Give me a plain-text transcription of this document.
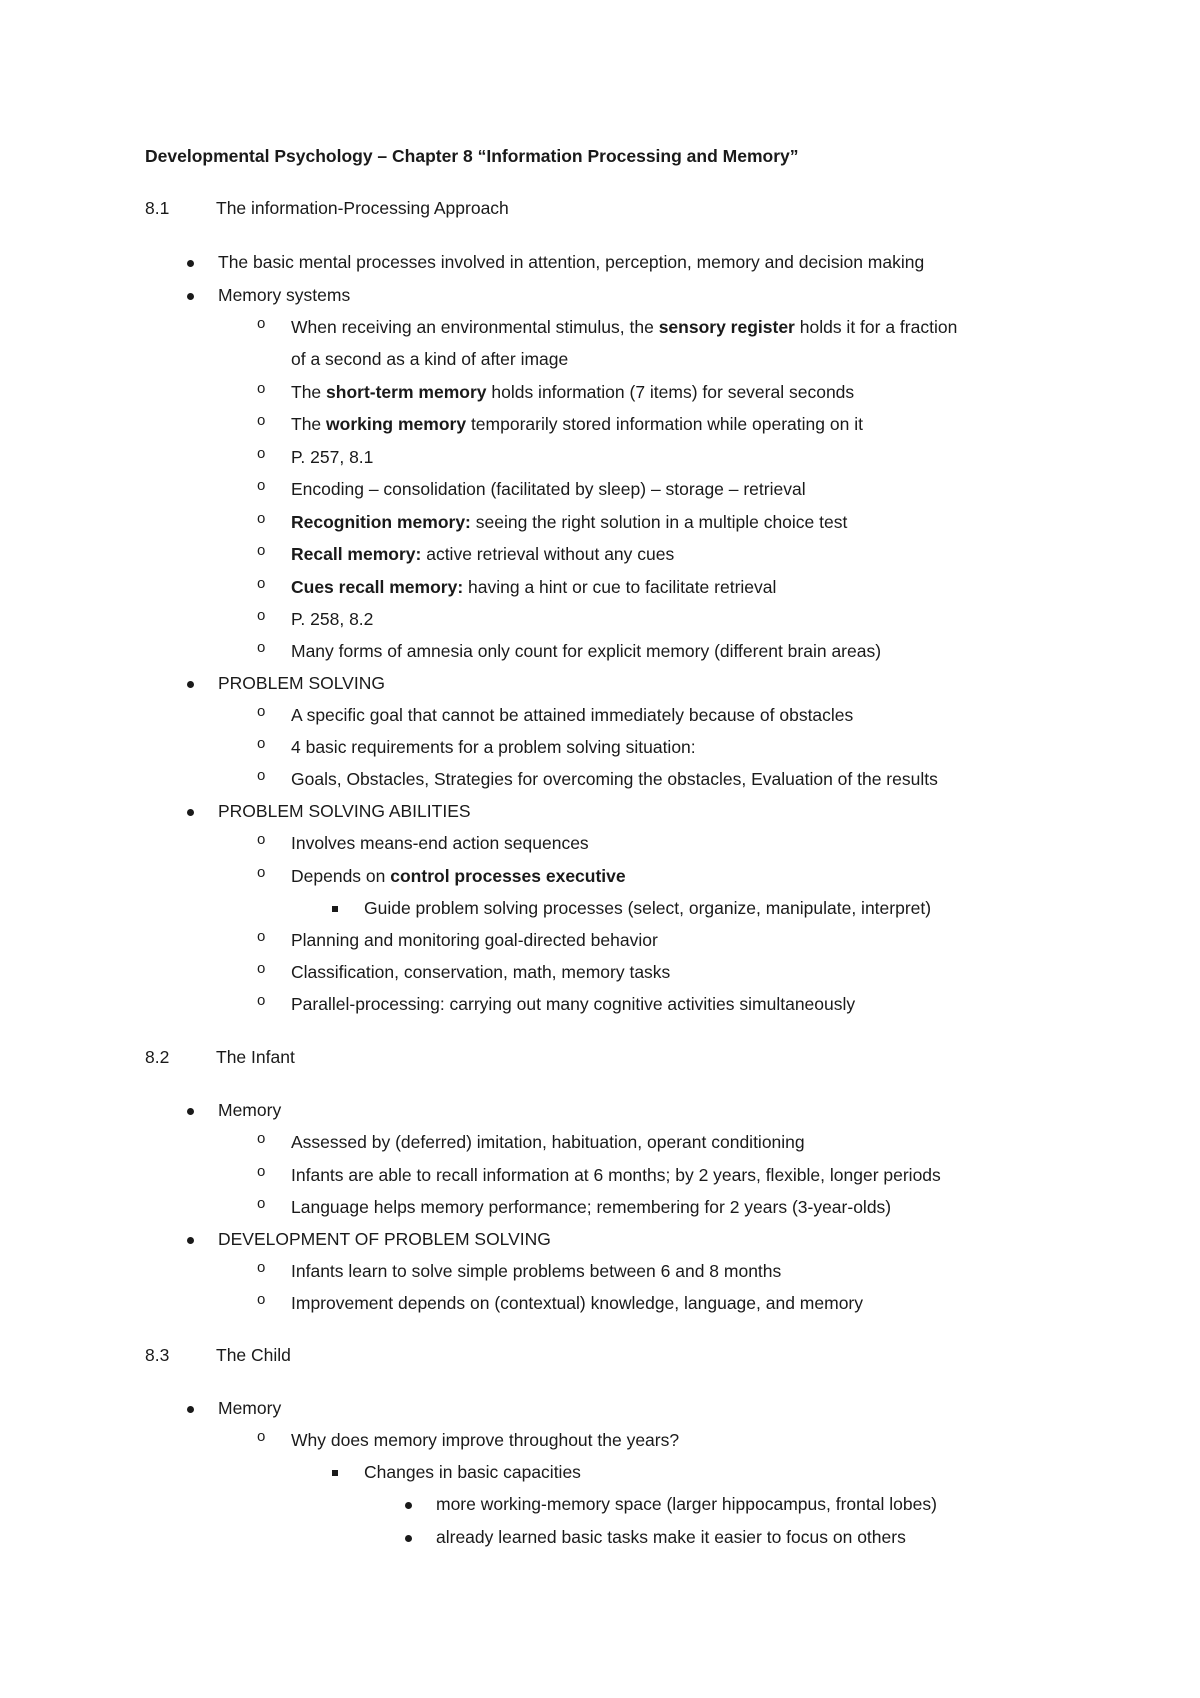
Developmental Psychology – Chapter 8 “Information Processing and Memory”
8.1	The information-Processing Approach
The basic mental processes involved in attention, perception, memory and decision making
Memory systems
o When receiving an environmental stimulus, the sensory register holds it for a fraction
of a second as a kind of after image
o The short-term memory holds information (7 items) for several seconds
o The working memory temporarily stored information while operating on it
o P. 257, 8.1
o Encoding – consolidation (facilitated by sleep) – storage – retrieval
o Recognition memory: seeing the right solution in a multiple choice test
o Recall memory: active retrieval without any cues
o Cues recall memory: having a hint or cue to facilitate retrieval
o P. 258, 8.2
o Many forms of amnesia only count for explicit memory (different brain areas)
PROBLEM SOLVING
o A specific goal that cannot be attained immediately because of obstacles
o 4 basic requirements for a problem solving situation:
o Goals, Obstacles, Strategies for overcoming the obstacles, Evaluation of the results
PROBLEM SOLVING ABILITIES
o Involves means-end action sequences
o Depends on control processes executive
Guide problem solving processes (select, organize, manipulate, interpret)
o Planning and monitoring goal-directed behavior
o Classification, conservation, math, memory tasks
o Parallel-processing: carrying out many cognitive activities simultaneously
8.2	The Infant
Memory
o Assessed by (deferred) imitation, habituation, operant conditioning
o Infants are able to recall information at 6 months; by 2 years, flexible, longer periods
o Language helps memory performance; remembering for 2 years (3-year-olds)
DEVELOPMENT OF PROBLEM SOLVING
o Infants learn to solve simple problems between 6 and 8 months
o Improvement depends on (contextual) knowledge, language, and memory
8.3	The Child
Memory
o Why does memory improve throughout the years?
Changes in basic capacities
more working-memory space (larger hippocampus, frontal lobes)
already learned basic tasks make it easier to focus on others
